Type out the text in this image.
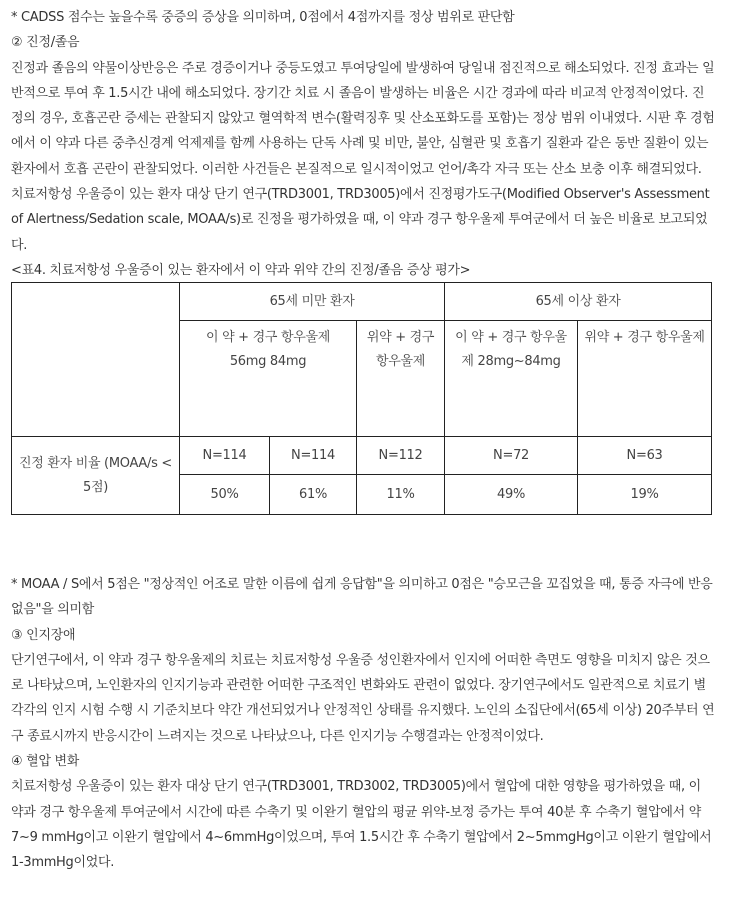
* CADSS 점수는 높을수록 중증의 증상을 의미하며, 0점에서 4점까지를 정상 범위로 판단함

② 진정/졸음

진정과 졸음의 약물이상반응은 주로 경증이거나 중등도였고 투여당일에 발생하여 당일내 점진적으로 해소되었다. 진정 효과는 일반적으로 투여 후 1.5시간 내에 해소되었다. 장기간 치료 시 졸음이 발생하는 비율은 시간 경과에 따라 비교적 안정적이었다. 진정의 경우, 호흡곤란 증세는 관찰되지 않았고 혈역학적 변수(활력징후 및 산소포화도를 포함)는 정상 범위 이내였다. 시판 후 경험에서 이 약과 다른 중추신경계 억제제를 함께 사용하는 단독 사례 및 비만, 불안, 심혈관 및 호흡기 질환과 같은 동반 질환이 있는 환자에서 호흡 곤란이 관찰되었다. 이러한 사건들은 본질적으로 일시적이었고 언어/촉각 자극 또는 산소 보충 이후 해결되었다. 치료저항성 우울증이 있는 환자 대상 단기 연구(TRD3001, TRD3005)에서 진정평가도구(Modified Observer's Assessment of Alertness/Sedation scale, MOAA/s)로 진정을 평가하였을 때, 이 약과 경구 항우울제 투여군에서 더 높은 비율로 보고되었다.

<표4. 치료저항성 우울증이 있는 환자에서 이 약과 위약 간의 진정/졸음 증상 평가>
	65세 미만 환자			65세 이상 환자	
	이 약 + 경구 항우울제 56mg 84mg		위약 + 경구 항우울제	이 약 + 경구 항우울제 28mg~84mg	위약 + 경구 항우울제
진정 환자 비율 (MOAA/s < 5점)	N=114	N=114	N=112	N=72	N=63
	50%	61%	11%	49%	19%

* MOAA / S에서 5점은 "정상적인 어조로 말한 이름에 쉽게 응답함"을 의미하고 0점은 "승모근을 꼬집었을 때, 통증 자극에 반응 없음"을 의미함

③ 인지장애

단기연구에서, 이 약과 경구 항우울제의 치료는 치료저항성 우울증 성인환자에서 인지에 어떠한 측면도 영향을 미치지 않은 것으로 나타났으며, 노인환자의 인지기능과 관련한 어떠한 구조적인 변화와도 관련이 없었다. 장기연구에서도 일관적으로 치료기 별 각각의 인지 시험 수행 시 기준치보다 약간 개선되었거나 안정적인 상태를 유지했다. 노인의 소집단에서(65세 이상) 20주부터 연구 종료시까지 반응시간이 느려지는 것으로 나타났으나, 다른 인지기능 수행결과는 안정적이었다.

④ 혈압 변화

치료저항성 우울증이 있는 환자 대상 단기 연구(TRD3001, TRD3002, TRD3005)에서 혈압에 대한 영향을 평가하였을 때, 이 약과 경구 항우울제 투여군에서 시간에 따른 수축기 및 이완기 혈압의 평균 위약-보정 증가는 투여 40분 후 수축기 혈압에서 약 7~9 mmHg이고 이완기 혈압에서 4~6mmHg이었으며, 투여 1.5시간 후 수축기 혈압에서 2~5mmgHg이고 이완기 혈압에서 1-3mmHg이었다.
